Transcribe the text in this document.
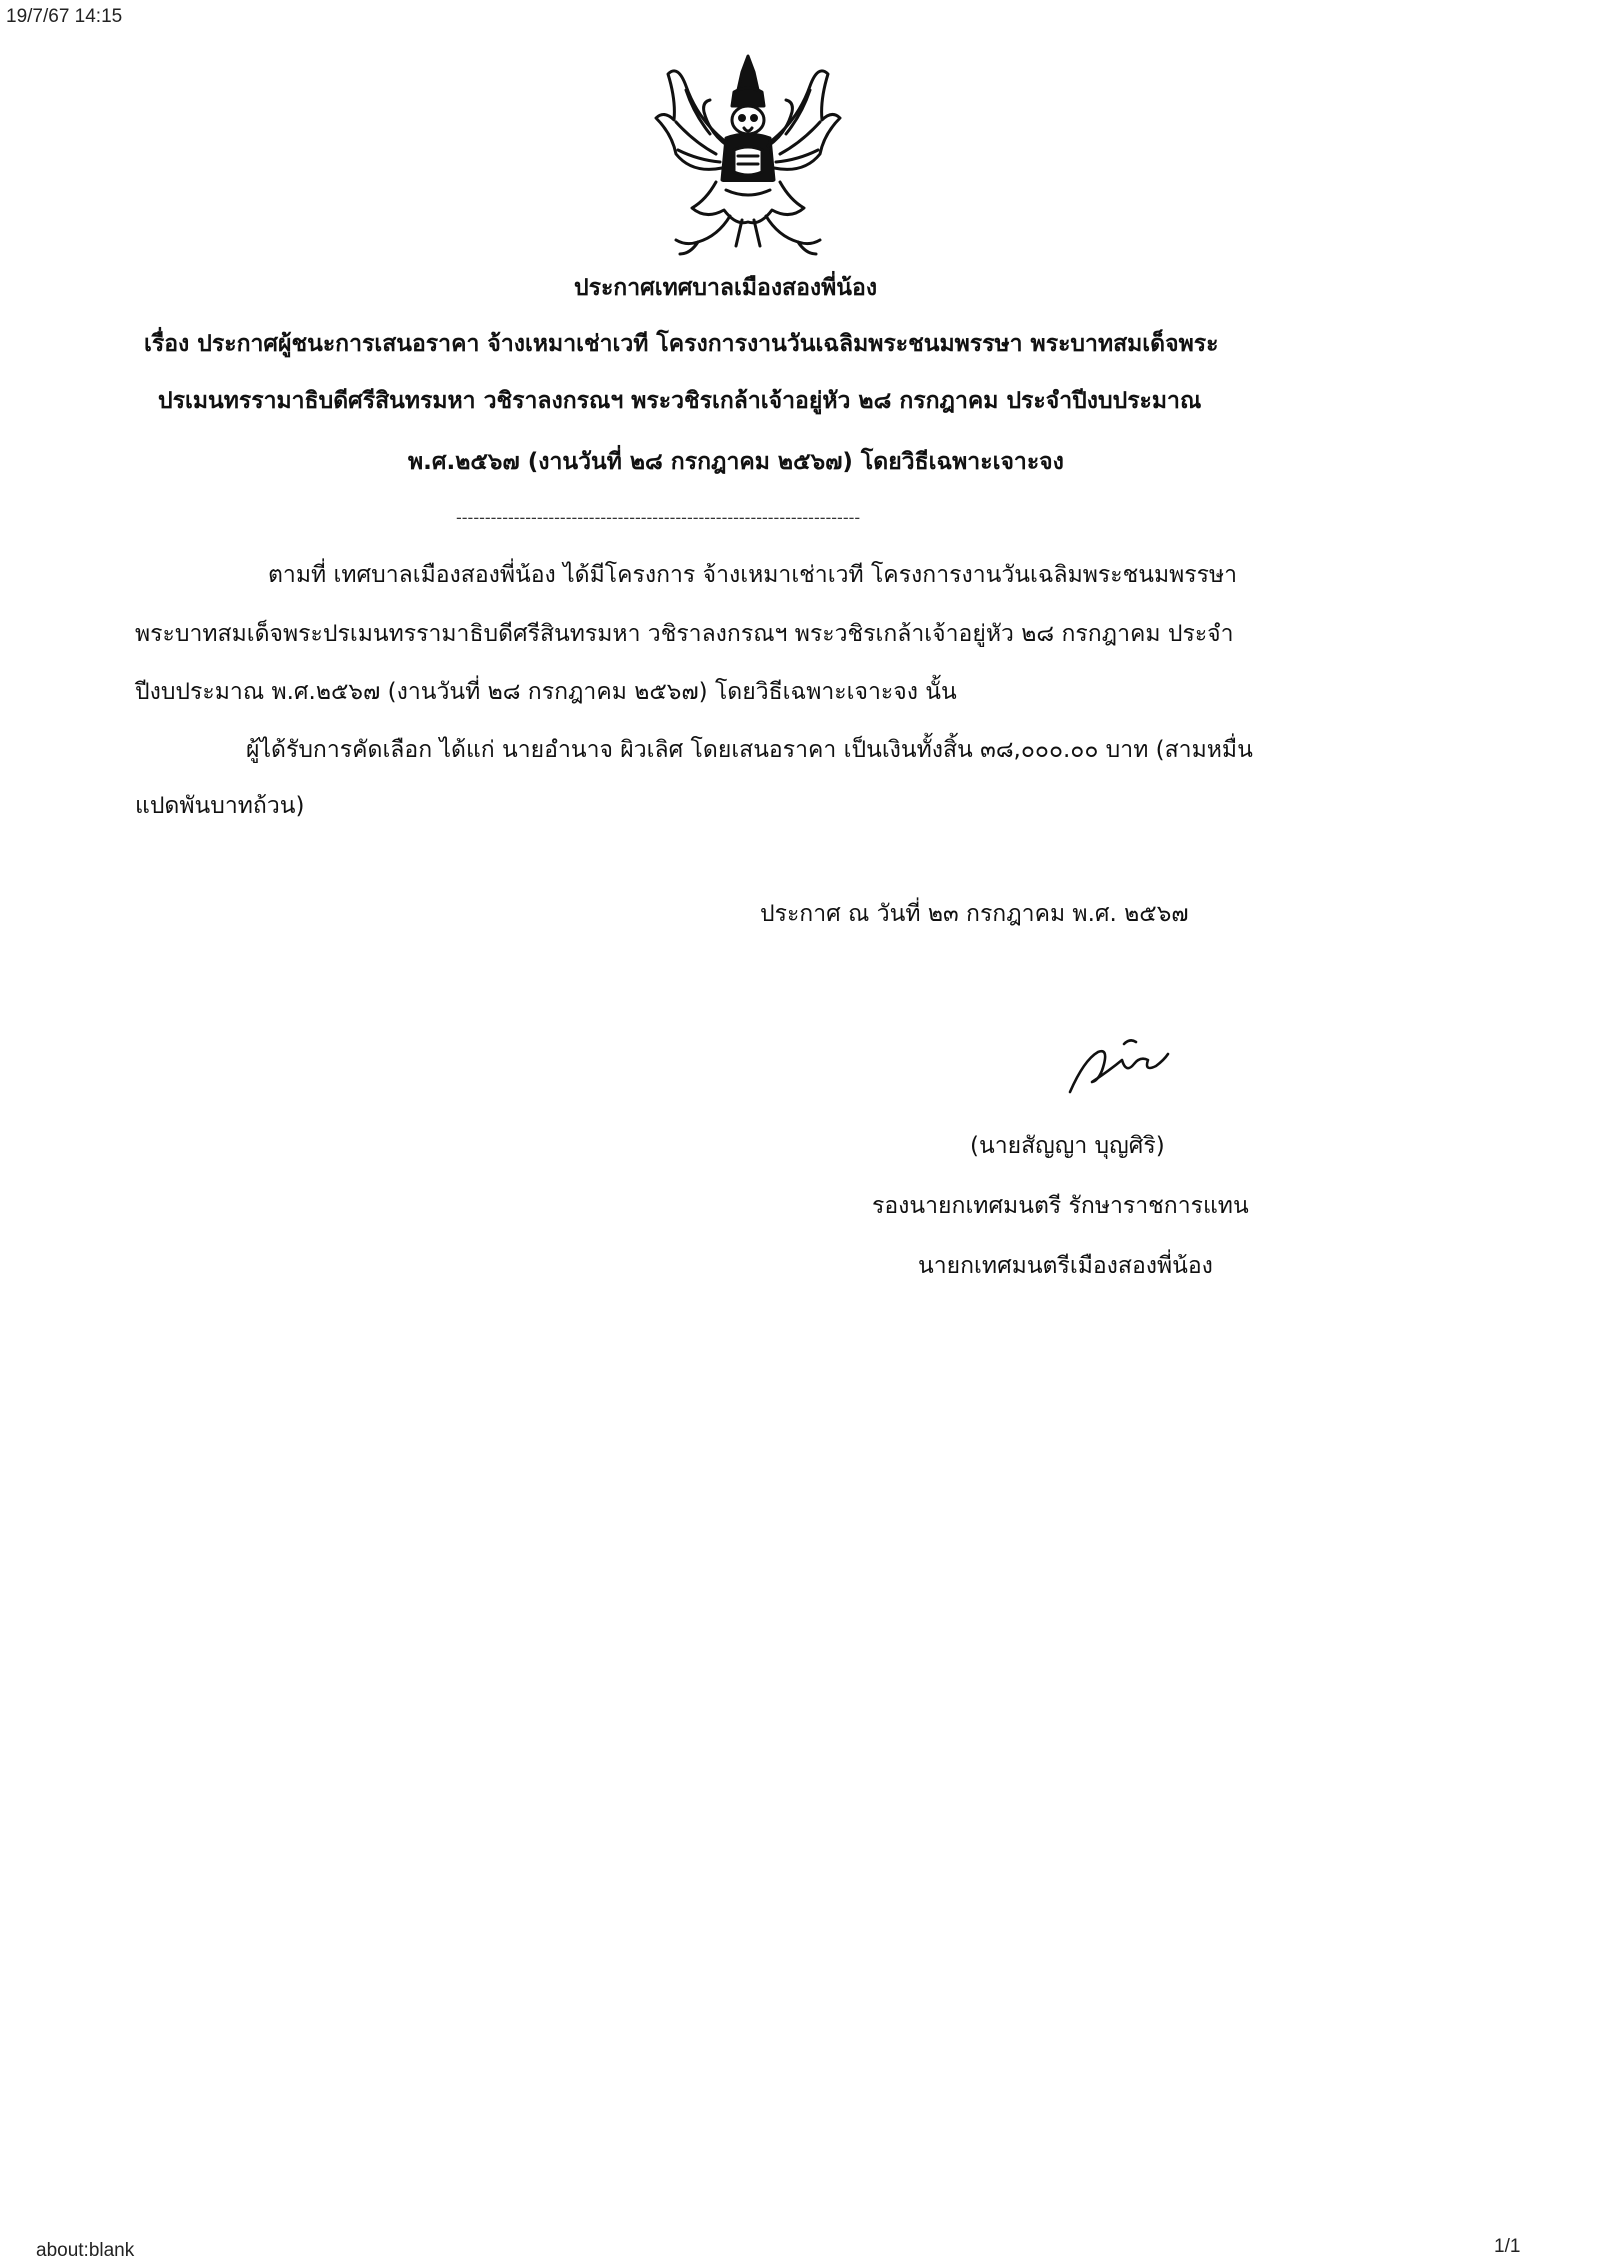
19/7/67 14:15
ประกาศเทศบาลเมืองสองพี่น้อง
เรื่อง ประกาศผู้ชนะการเสนอราคา จ้างเหมาเช่าเวที โครงการงานวันเฉลิมพระชนมพรรษา พระบาทสมเด็จพระ
ปรเมนทรรามาธิบดีศรีสินทรมหา วชิราลงกรณฯ พระวชิรเกล้าเจ้าอยู่หัว ๒๘ กรกฎาคม ประจำปีงบประมาณ
พ.ศ.๒๕๖๗ (งานวันที่ ๒๘ กรกฎาคม ๒๕๖๗) โดยวิธีเฉพาะเจาะจง
----------------------------------------------------------------------
ตามที่ เทศบาลเมืองสองพี่น้อง ได้มีโครงการ จ้างเหมาเช่าเวที โครงการงานวันเฉลิมพระชนมพรรษา
พระบาทสมเด็จพระปรเมนทรรามาธิบดีศรีสินทรมหา วชิราลงกรณฯ พระวชิรเกล้าเจ้าอยู่หัว ๒๘ กรกฎาคม ประจำ
ปีงบประมาณ พ.ศ.๒๕๖๗ (งานวันที่ ๒๘ กรกฎาคม ๒๕๖๗) โดยวิธีเฉพาะเจาะจง นั้น
ผู้ได้รับการคัดเลือก ได้แก่ นายอำนาจ ผิวเลิศ โดยเสนอราคา เป็นเงินทั้งสิ้น ๓๘,๐๐๐.๐๐ บาท (สามหมื่น
แปดพันบาทถ้วน)
ประกาศ ณ วันที่ ๒๓ กรกฎาคม พ.ศ. ๒๕๖๗
(นายสัญญา บุญศิริ)
รองนายกเทศมนตรี รักษาราชการแทน
นายกเทศมนตรีเมืองสองพี่น้อง
about:blank	1/1
